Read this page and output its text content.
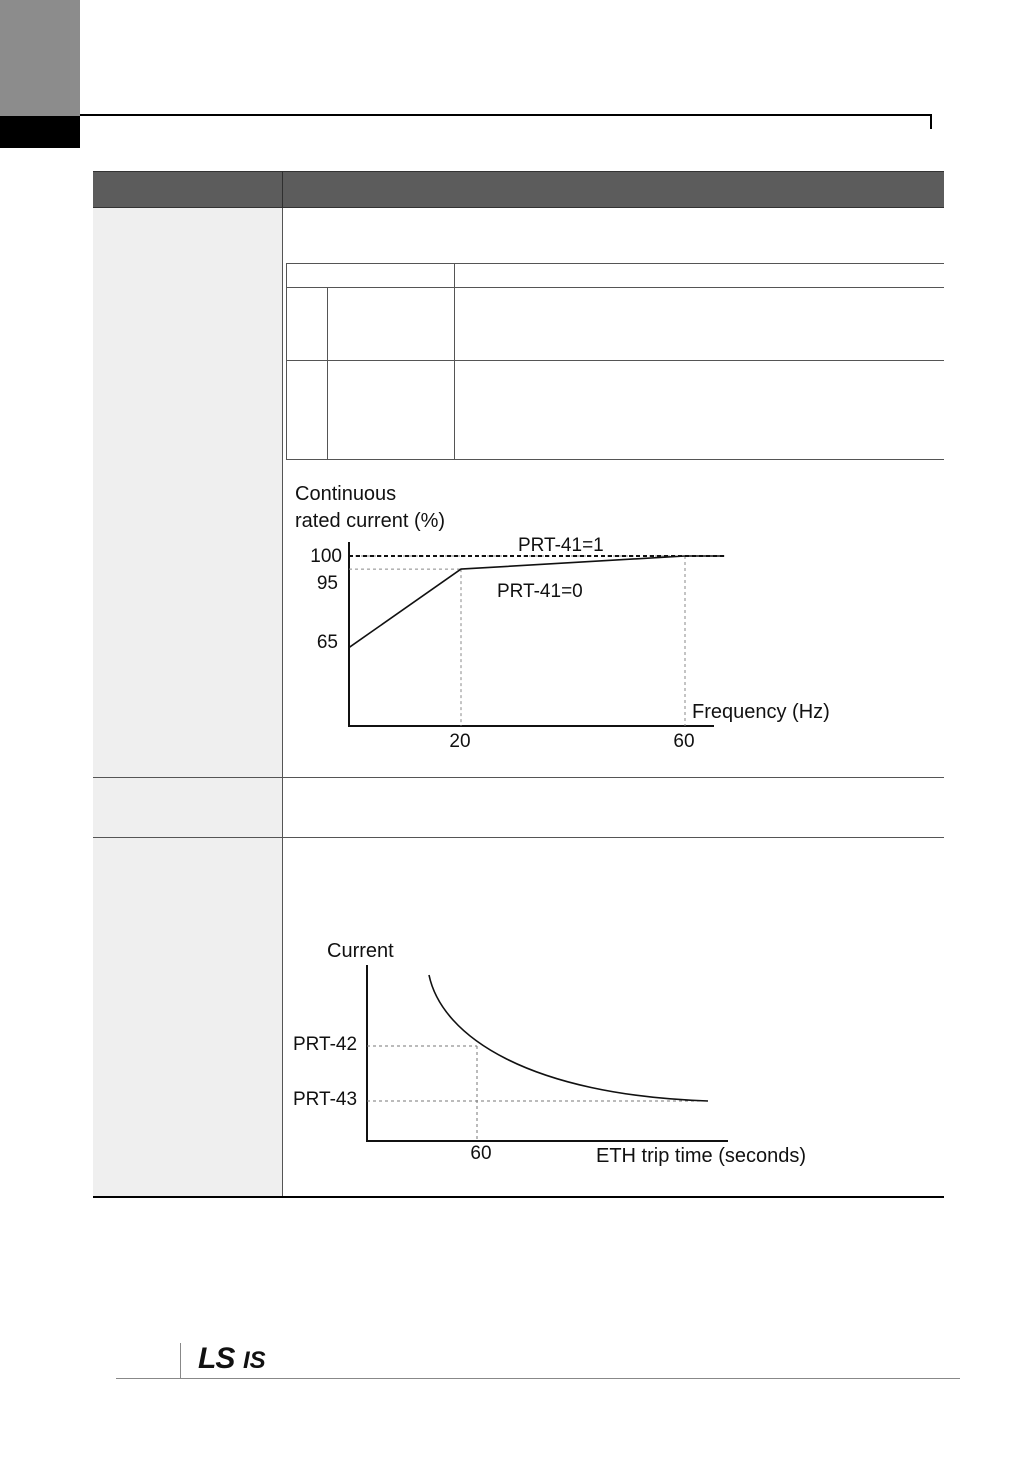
Continuous
rated current (%)
100
95
65
20	60
PRT-41=1
PRT-41=0
Frequency (Hz)
Current
PRT-42
PRT-43
60	ETH trip time (seconds)
LS IS
